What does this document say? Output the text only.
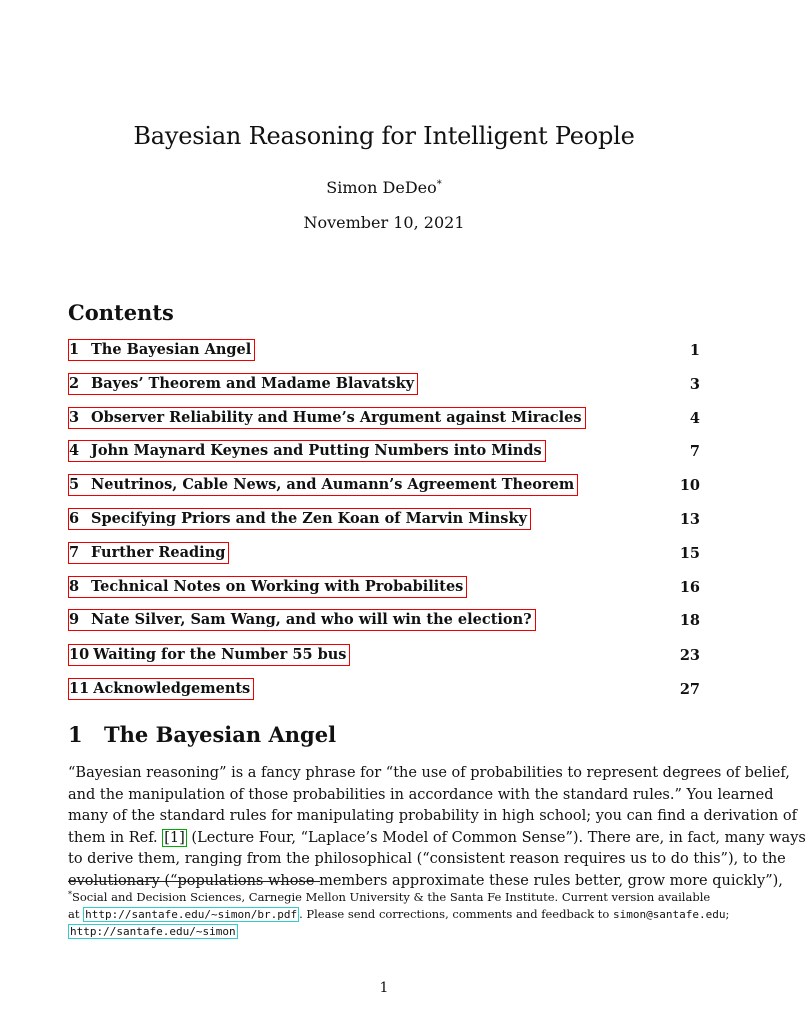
Bayesian Reasoning for Intelligent People
Simon DeDeo*
November 10, 2021
Contents
1 The Bayesian Angel	1
2 Bayes’ Theorem and Madame Blavatsky	3
3 Observer Reliability and Hume’s Argument against Miracles	4
4 John Maynard Keynes and Putting Numbers into Minds	7
5 Neutrinos, Cable News, and Aumann’s Agreement Theorem	10
6 Specifying Priors and the Zen Koan of Marvin Minsky	13
7 Further Reading	15
8 Technical Notes on Working with Probabilites	16
9 Nate Silver, Sam Wang, and who will win the election?	18
10 Waiting for the Number 55 bus	23
11 Acknowledgements	27
1 The Bayesian Angel

“Bayesian reasoning” is a fancy phrase for “the use of probabilities to represent degrees of belief,
and the manipulation of those probabilities in accordance with the standard rules.” You learned
many of the standard rules for manipulating probability in high school; you can find a derivation of
them in Ref. [1] (Lecture Four, “Laplace’s Model of Common Sense”). There are, in fact, many ways
to derive them, ranging from the philosophical (“consistent reason requires us to do this”), to the
evolutionary (“populations whose members approximate these rules better, grow more quickly”),

*Social and Decision Sciences, Carnegie Mellon University & the Santa Fe Institute. Current version available
at http://santafe.edu/~simon/br.pdf . Please send corrections, comments and feedback to simon@santafe.edu;
http://santafe.edu/~simon
1
